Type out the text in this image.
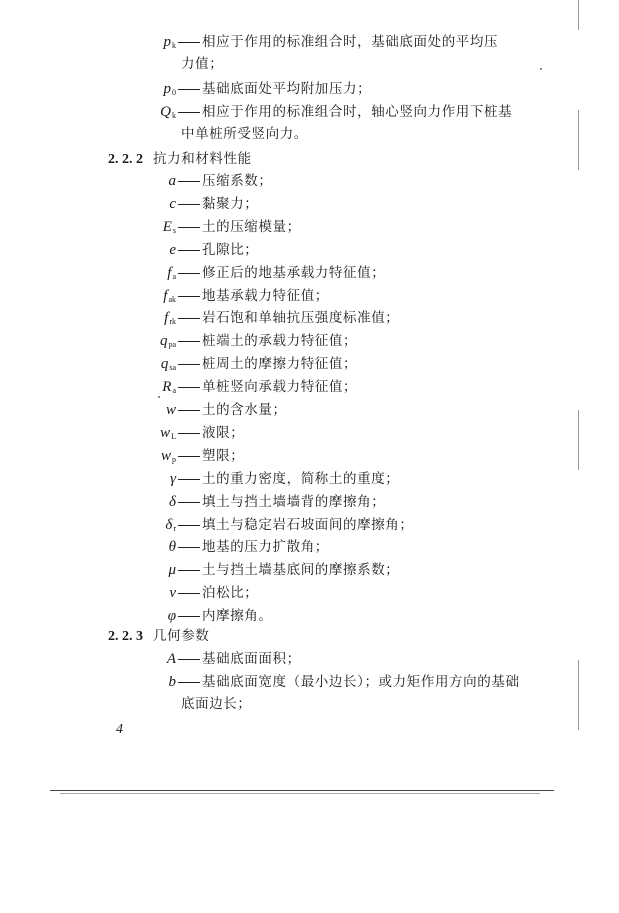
$p_k$ 相应于作用的标准组合时，基础底面处的平均压
力值；
$p_0$ 基础底面处平均附加压力；
$Q_k$ 相应于作用的标准组合时，轴心竖向力作用下桩基
中单桩所受竖向力。
2. 2. 2 抗力和材料性能
a 压缩系数；
c 黏聚力；
$E_s$ 土的压缩模量；
e 孔隙比；
$f_a$ 修正后的地基承载力特征值；
$f_{ak}$ 地基承载力特征值；
$f_{rk}$ 岩石饱和单轴抗压强度标准值；
$q_{pa}$ 桩端土的承载力特征值；
$q_{sa}$ 桩周土的摩擦力特征值；
$R_a$ 单桩竖向承载力特征值；
w 土的含水量；
$w_L$ 液限；
$w_p$ 塑限；
γ 土的重力密度，简称土的重度；
δ 填土与挡土墙墙背的摩擦角；
$\delta_r$ 填土与稳定岩石坡面间的摩擦角；
θ 地基的压力扩散角；
μ 土与挡土墙基底间的摩擦系数；
ν 泊松比；
φ 内摩擦角。
2. 2. 3 几何参数
A 基础底面面积；
b 基础底面宽度（最小边长）；或力矩作用方向的基础
底面边长；
4
